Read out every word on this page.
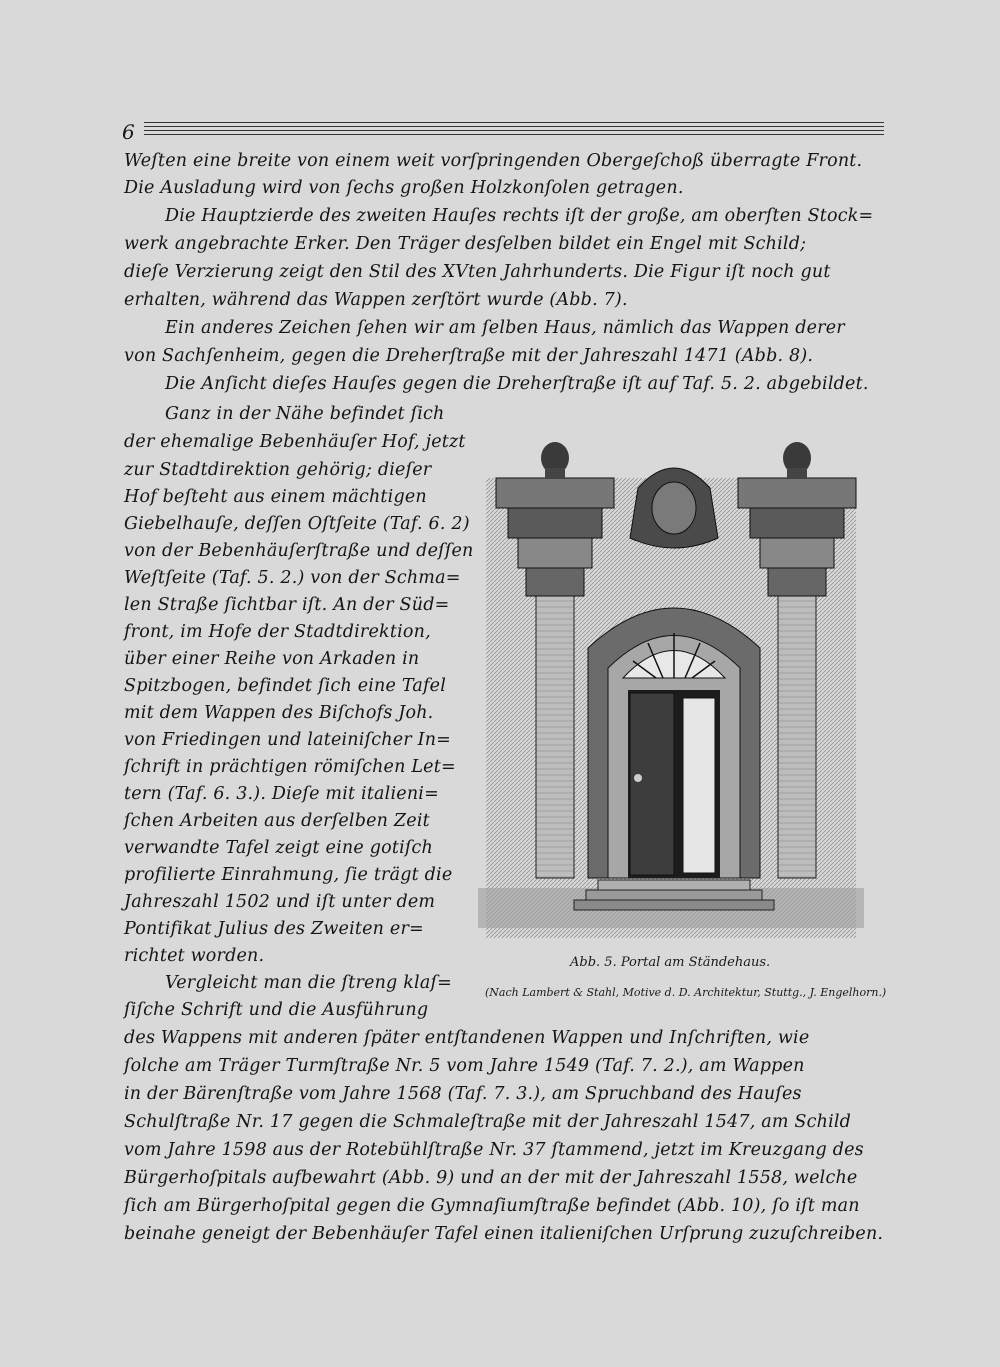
6
Weſten eine breite von einem weit vorſpringenden Obergeſchoß überragte Front.
Die Ausladung wird von ſechs großen Holzkonſolen getragen.
Die Hauptzierde des zweiten Hauſes rechts iſt der große, am oberſten Stock=
werk angebrachte Erker. Den Träger desſelben bildet ein Engel mit Schild;
dieſe Verzierung zeigt den Stil des XVten Jahrhunderts. Die Figur iſt noch gut
erhalten, während das Wappen zerſtört wurde (Abb. 7).
Ein anderes Zeichen ſehen wir am ſelben Haus, nämlich das Wappen derer
von Sachſenheim, gegen die Dreherſtraße mit der Jahreszahl 1471 (Abb. 8).
Die Anſicht dieſes Hauſes gegen die Dreherſtraße iſt auf Taf. 5. 2. abgebildet.
Ganz in der Nähe befindet ſich
der ehemalige Bebenhäuſer Hof, jetzt
zur Stadtdirektion gehörig; dieſer
Hof beſteht aus einem mächtigen
Giebelhauſe, deſſen Oſtſeite (Taf. 6. 2)
von der Bebenhäuſerſtraße und deſſen
Weſtſeite (Taf. 5. 2.) von der Schma=
len Straße ſichtbar iſt. An der Süd=
front, im Hofe der Stadtdirektion,
über einer Reihe von Arkaden in
Spitzbogen, befindet ſich eine Tafel
mit dem Wappen des Biſchofs Joh.
von Friedingen und lateiniſcher In=
ſchrift in prächtigen römiſchen Let=
tern (Taf. 6. 3.). Dieſe mit italieni=
ſchen Arbeiten aus derſelben Zeit
verwandte Tafel zeigt eine gotiſch
profilierte Einrahmung, ſie trägt die
Jahreszahl 1502 und iſt unter dem
Pontifikat Julius des Zweiten er=
richtet worden.
Vergleicht man die ſtreng klaſ=
ſiſche Schrift und die Ausführung
des Wappens mit anderen ſpäter entſtandenen Wappen und Inſchriften, wie
ſolche am Träger Turmſtraße Nr. 5 vom Jahre 1549 (Taf. 7. 2.), am Wappen
in der Bärenſtraße vom Jahre 1568 (Taf. 7. 3.), am Spruchband des Hauſes
Schulſtraße Nr. 17 gegen die Schmaleſtraße mit der Jahreszahl 1547, am Schild
vom Jahre 1598 aus der Rotebühlſtraße Nr. 37 ſtammend, jetzt im Kreuzgang des
Bürgerhoſpitals aufbewahrt (Abb. 9) und an der mit der Jahreszahl 1558, welche
ſich am Bürgerhoſpital gegen die Gymnaſiumſtraße befindet (Abb. 10), ſo iſt man
beinahe geneigt der Bebenhäuſer Tafel einen italieniſchen Urſprung zuzuſchreiben.
Abb. 5. Portal am Ständehaus.
(Nach Lambert & Stahl, Motive d. D. Architektur, Stuttg., J. Engelhorn.)
